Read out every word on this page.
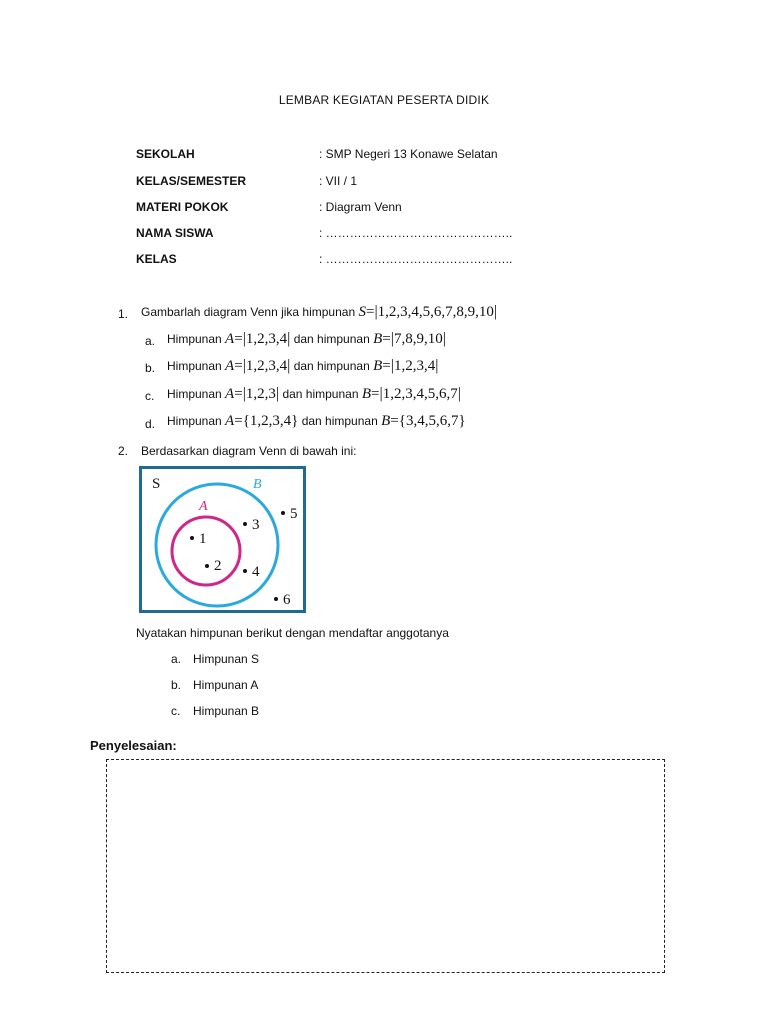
LEMBAR KEGIATAN PESERTA DIDIK
SEKOLAH	: SMP Negeri 13 Konawe Selatan
KELAS/SEMESTER	: VII / 1
MATERI POKOK	: Diagram Venn
NAMA SISWA	: ………………………………………..
KELAS	: ………………………………………..
1. Gambarlah diagram Venn jika himpunan S=|1,2,3,4,5,6,7,8,9,10|
a. Himpunan A=|1,2,3,4| dan himpunan B=|7,8,9,10|
b. Himpunan A=|1,2,3,4| dan himpunan B=|1,2,3,4|
c. Himpunan A=|1,2,3| dan himpunan B=|1,2,3,4,5,6,7|
d. Himpunan A={1,2,3,4} dan himpunan B={3,4,5,6,7}
2. Berdasarkan diagram Venn di bawah ini:
S	B
A
1
2
3
4
5
6
Nyatakan himpunan berikut dengan mendaftar anggotanya
a. Himpunan S
b. Himpunan A
c. Himpunan B
Penyelesaian:
